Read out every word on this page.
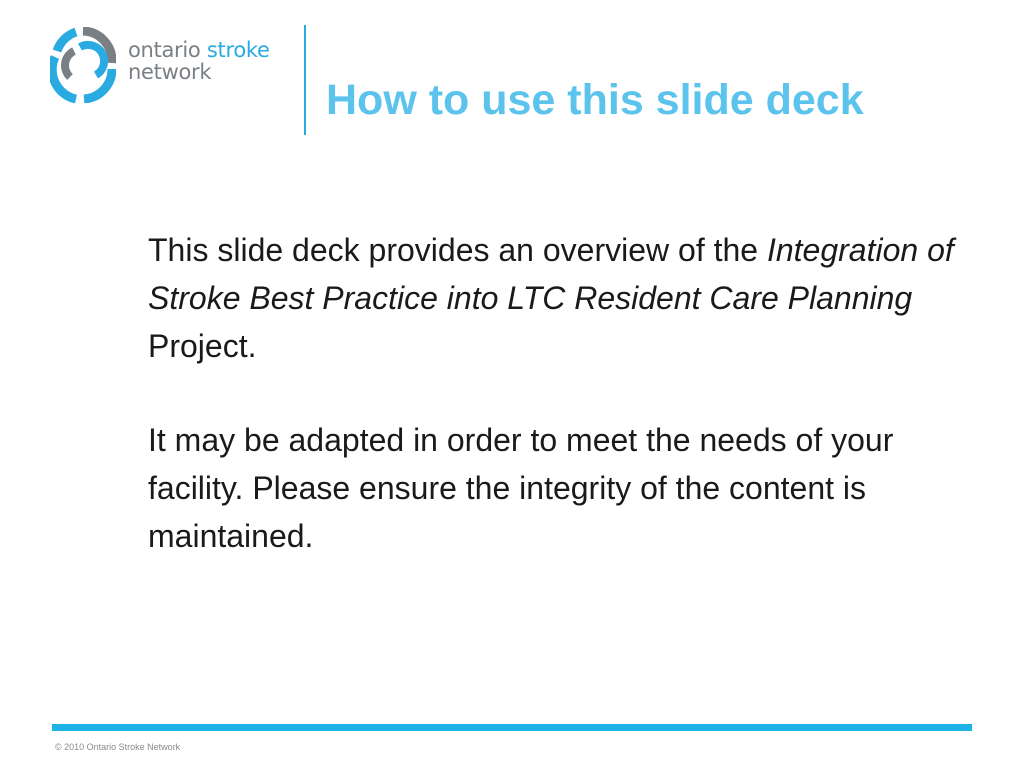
ontario stroke
network
How to use this slide deck

This slide deck provides an overview of the Integration of Stroke Best Practice into LTC Resident Care Planning Project.

It may be adapted in order to meet the needs of your facility. Please ensure the integrity of the content is maintained.

© 2010 Ontario Stroke Network
